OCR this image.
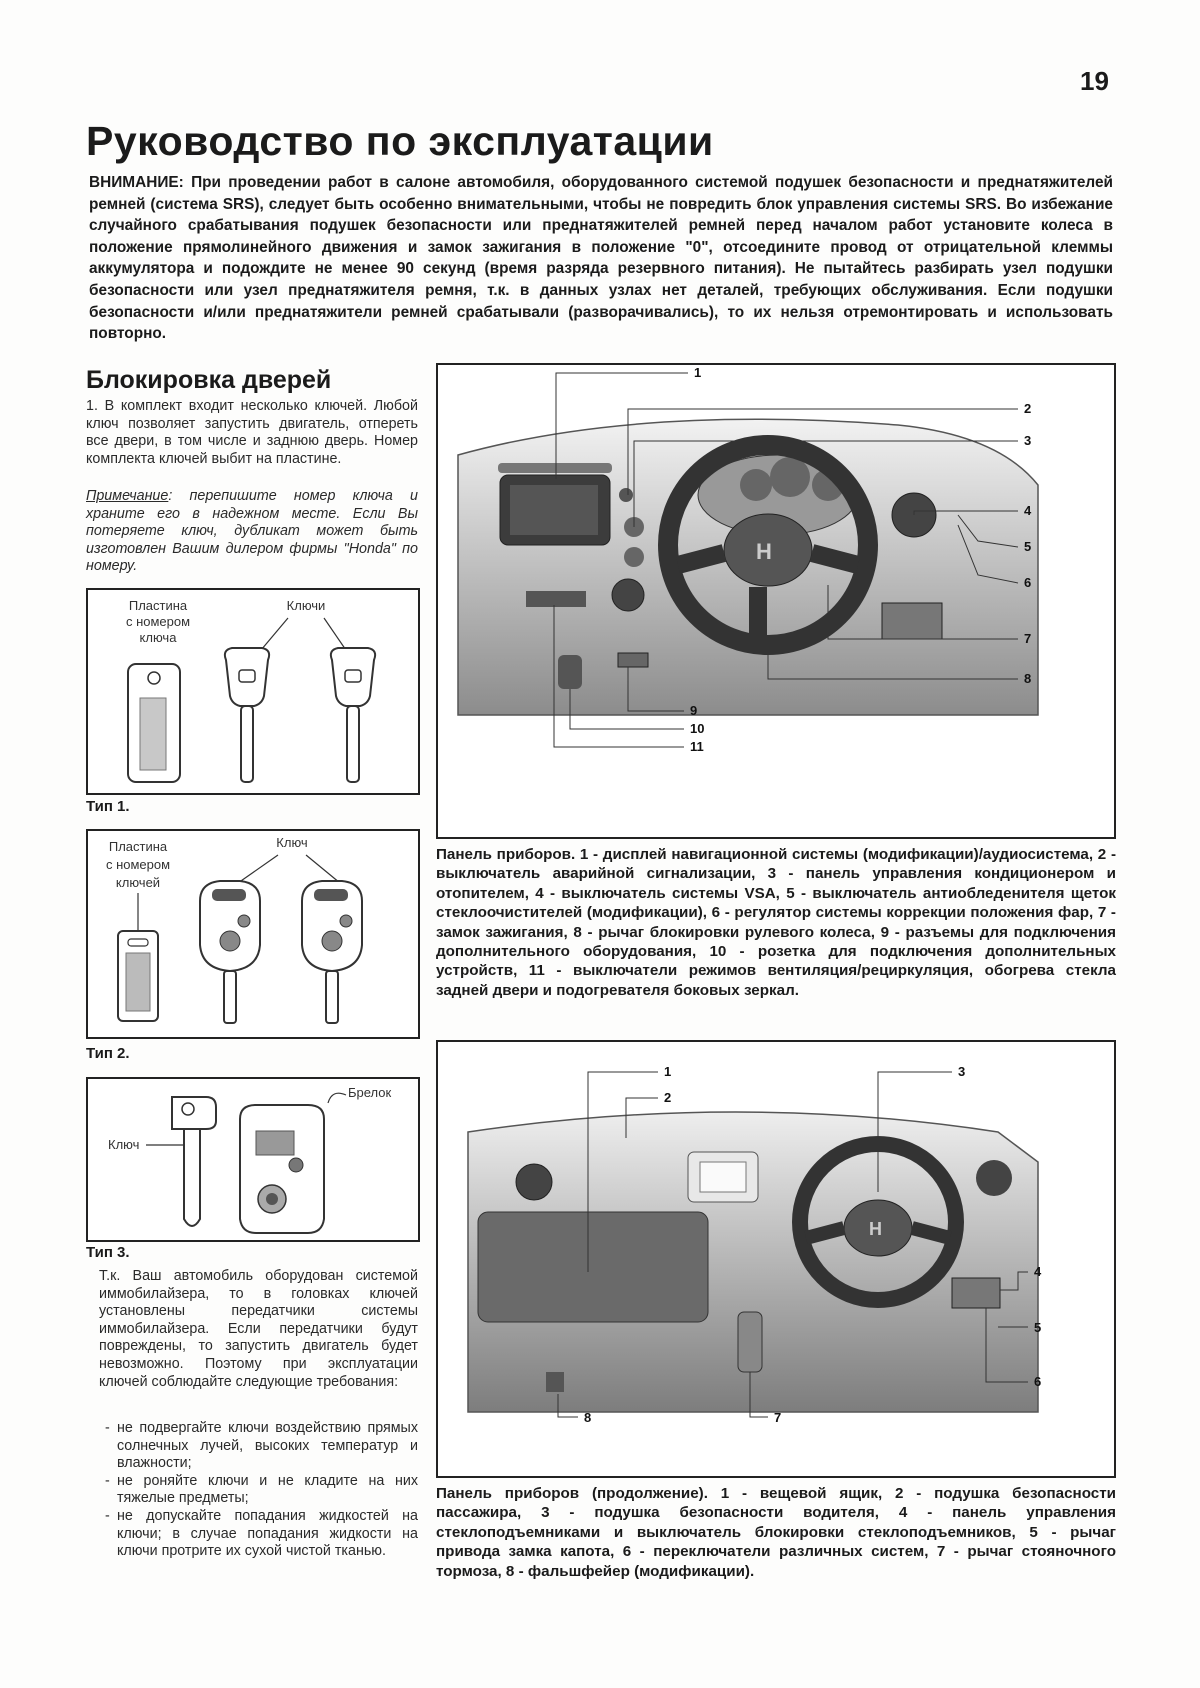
19
Руководство по эксплуатации

ВНИМАНИЕ: При проведении работ в салоне автомобиля, оборудованного системой подушек безопасности и преднатяжителей ремней (система SRS), следует быть особенно внимательными, чтобы не повредить блок управления системы SRS. Во избежание случайного срабатывания подушек безопасности или преднатяжителей ремней перед началом работ установите колеса в положение прямолинейного движения и замок зажигания в положение "0", отсоедините провод от отрицательной клеммы аккумулятора и подождите не менее 90 секунд (время разряда резервного питания). Не пытайтесь разбирать узел подушки безопасности или узел преднатяжителя ремня, т.к. в данных узлах нет деталей, требующих обслуживания. Если подушки безопасности и/или преднатяжители ремней срабатывали (разворачивались), то их нельзя отремонтировать и использовать повторно.

Блокировка дверей

1. В комплект входит несколько ключей. Любой ключ позволяет запустить двигатель, отпереть все двери, в том числе и заднюю дверь. Номер комплекта ключей выбит на пластине.

Примечание: перепишите номер ключа и храните его в надежном месте. Если Вы потеряете ключ, дубликат может быть изготовлен Вашим дилером фирмы "Honda" по номеру.

Пластина
с номером
ключа
Ключи
Тип 1.
Пластина
с номером
ключей
Ключ
Тип 2.
Ключ
Брелок
Тип 3.

Т.к. Ваш автомобиль оборудован системой иммобилайзера, то в головках ключей установлены передатчики системы иммобилайзера. Если передатчики будут повреждены, то запустить двигатель будет невозможно. Поэтому при эксплуатации ключей соблюдайте следующие требования:

- не подвергайте ключи воздействию прямых солнечных лучей, высоких температур и влажности;
- не роняйте ключи и не кладите на них тяжелые предметы;
- не допускайте попадания жидкостей на ключи; в случае попадания жидкости на ключи протрите их сухой чистой тканью.
H
1
2
3
4
5
6
7
8
9
10
11

Панель приборов. 1 - дисплей навигационной системы (модификации)/аудиосистема, 2 - выключатель аварийной сигнализации, 3 - панель управления кондиционером и отопителем, 4 - выключатель системы VSA, 5 - выключатель антиобледенителя щеток стеклоочистителей (модификации), 6 - регулятор системы коррекции положения фар, 7 - замок зажигания, 8 - рычаг блокировки рулевого колеса, 9 - разъемы для подключения дополнительного оборудования, 10 - розетка для подключения дополнительных устройств, 11 - выключатели режимов вентиляция/рециркуляция, обогрева стекла задней двери и подогревателя боковых зеркал.

H
1
2
3
4
5
6
7
8

Панель приборов (продолжение). 1 - вещевой ящик, 2 - подушка безопасности пассажира, 3 - подушка безопасности водителя, 4 - панель управления стеклоподъемниками и выключатель блокировки стеклоподъемников, 5 - рычаг привода замка капота, 6 - переключатели различных систем, 7 - рычаг стояночного тормоза, 8 - фальшфейер (модификации).
